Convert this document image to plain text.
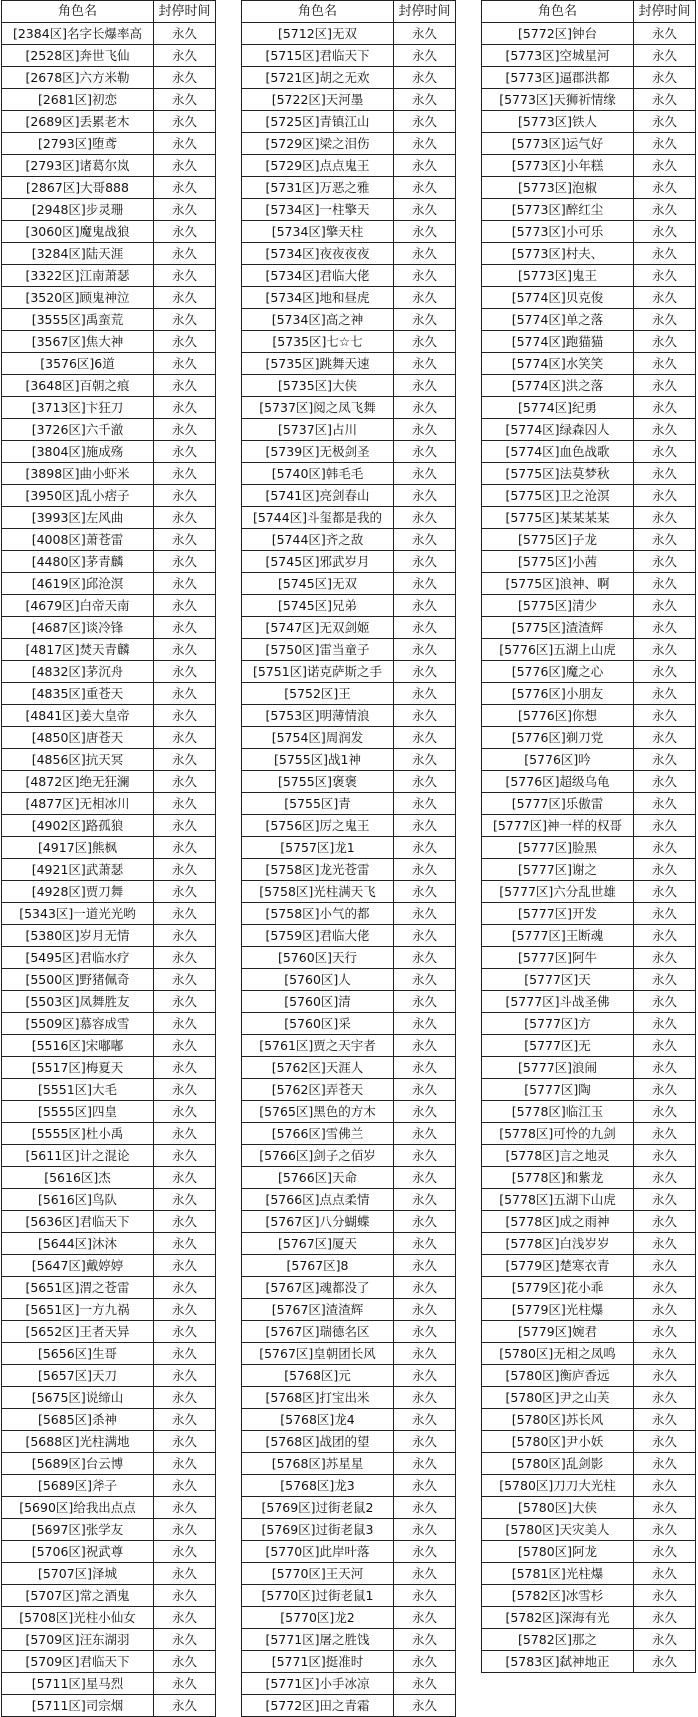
角色名	封停时间
[2384区]名字长爆率高	永久
[2528区]奔世飞仙	永久
[2678区]六方米勒	永久
[2681区]初恋	永久
[2689区]丢累老木	永久
[2793区]堕鸢	永久
[2793区]诸葛尔岚	永久
[2867区]大哥888	永久
[2948区]步灵珊	永久
[3060区]魔鬼战狼	永久
[3284区]陆天涯	永久
[3322区]江南萧瑟	永久
[3520区]顾鬼神泣	永久
[3555区]禹蛮荒	永久
[3567区]焦大神	永久
[3576区]6道	永久
[3648区]百朝之痕	永久
[3713区]卞狂刀	永久
[3726区]六千澈	永久
[3804区]施成殇	永久
[3898区]曲小虾米	永久
[3950区]乱小痞子	永久
[3993区]左风曲	永久
[4008区]萧苍雷	永久
[4480区]茅青麟	永久
[4619区]邱沧溟	永久
[4679区]白帝天南	永久
[4687区]谈冷锋	永久
[4817区]焚天青麟	永久
[4832区]茅沉舟	永久
[4835区]重苍天	永久
[4841区]姜大皇帝	永久
[4850区]唐苍天	永久
[4856区]抗天冥	永久
[4872区]绝无狂澜	永久
[4877区]无相冰川	永久
[4902区]路孤狼	永久
[4917区]熊枫	永久
[4921区]武萧瑟	永久
[4928区]贾刀舞	永久
[5343区]一道光光哟	永久
[5380区]岁月无情	永久
[5495区]君临水疗	永久
[5500区]野猪佩奇	永久
[5503区]凤舞胜友	永久
[5509区]慕容成雪	永久
[5516区]宋嘟嘟	永久
[5517区]梅夏天	永久
[5551区]大毛	永久
[5555区]四皇	永久
[5555区]杜小禹	永久
[5611区]计之混论	永久
[5616区]杰	永久
[5616区]鸟队	永久
[5636区]君临天下	永久
[5644区]沐沐	永久
[5647区]戴婷婷	永久
[5651区]渭之苍雷	永久
[5651区]一方九祸	永久
[5652区]王者天异	永久
[5656区]生哥	永久
[5657区]天刀	永久
[5675区]说缔山	永久
[5685区]杀神	永久
[5688区]光柱满地	永久
[5689区]台云博	永久
[5689区]斧子	永久
[5690区]给我出点点	永久
[5697区]张学友	永久
[5706区]祝武尊	永久
[5707区]泽城	永久
[5707区]常之酒鬼	永久
[5708区]光柱小仙女	永久
[5709区]汪东湖羽	永久
[5709区]君临天下	永久
[5711区]星马烈	永久
[5711区]司宗烟	永久
角色名	封停时间
[5712区]无双	永久
[5715区]君临天下	永久
[5721区]胡之无欢	永久
[5722区]天河墨	永久
[5725区]青镇江山	永久
[5729区]梁之泪伤	永久
[5729区]点点鬼王	永久
[5731区]万恶之雅	永久
[5734区]一柱擎天	永久
[5734区]擎天柱	永久
[5734区]夜夜夜夜	永久
[5734区]君临大佬	永久
[5734区]地和昼虎	永久
[5734区]高之神	永久
[5735区]七☆七	永久
[5735区]跳舞天速	永久
[5735区]大侠	永久
[5737区]阅之凤飞舞	永久
[5737区]占川	永久
[5739区]无极剑圣	永久
[5740区]韩毛毛	永久
[5741区]亮剑春山	永久
[5744区]斗玺都是我的	永久
[5744区]齐之敌	永久
[5745区]邪武岁月	永久
[5745区]无双	永久
[5745区]兄弟	永久
[5747区]无双剑姬	永久
[5750区]雷当童子	永久
[5751区]诺克萨斯之手	永久
[5752区]王	永久
[5753区]明薄情浪	永久
[5754区]周润发	永久
[5755区]战1神	永久
[5755区]褒褒	永久
[5755区]青	永久
[5756区]厉之鬼王	永久
[5757区]龙1	永久
[5758区]龙光苍雷	永久
[5758区]光柱满天飞	永久
[5758区]小气的都	永久
[5759区]君临大佬	永久
[5760区]天行	永久
[5760区]人	永久
[5760区]清	永久
[5760区]采	永久
[5761区]贾之天宇者	永久
[5762区]天涯人	永久
[5762区]弄苍天	永久
[5765区]黑色的方木	永久
[5766区]雪佛兰	永久
[5766区]剑子之佰岁	永久
[5766区]天命	永久
[5766区]点点柔情	永久
[5767区]八分蝴蝶	永久
[5767区]厦天	永久
[5767区]8	永久
[5767区]魂都没了	永久
[5767区]渣渣辉	永久
[5767区]瑞德名区	永久
[5767区]皇朝团长风	永久
[5768区]元	永久
[5768区]打宝出米	永久
[5768区]龙4	永久
[5768区]战团的望	永久
[5768区]苏星星	永久
[5768区]龙3	永久
[5769区]过街老鼠2	永久
[5769区]过街老鼠3	永久
[5770区]此岸叶落	永久
[5770区]王天河	永久
[5770区]过街老鼠1	永久
[5770区]龙2	永久
[5771区]屠之胜饯	永久
[5771区]挺准时	永久
[5771区]小手冰凉	永久
[5772区]田之青霜	永久
角色名	封停时间
[5772区]钟台	永久
[5773区]空城星河	永久
[5773区]逼郡洪都	永久
[5773区]天狮祈情缘	永久
[5773区]铁人	永久
[5773区]运气好	永久
[5773区]小年糕	永久
[5773区]泡椒	永久
[5773区]醉红尘	永久
[5773区]小可乐	永久
[5773区]村夫、	永久
[5773区]鬼王	永久
[5774区]贝克俊	永久
[5774区]单之落	永久
[5774区]跑猫猫	永久
[5774区]水笑笑	永久
[5774区]洪之落	永久
[5774区]纪勇	永久
[5774区]绿森囚人	永久
[5774区]血色战歌	永久
[5775区]法莫梦秋	永久
[5775区]卫之沧溟	永久
[5775区]某某某某	永久
[5775区]子龙	永久
[5775区]小茜	永久
[5775区]浪神、啊	永久
[5775区]清少	永久
[5775区]渣渣辉	永久
[5776区]五湖上山虎	永久
[5776区]魔之心	永久
[5776区]小朋友	永久
[5776区]你想	永久
[5776区]剃刀党	永久
[5776区]吟	永久
[5776区]超级乌龟	永久
[5777区]乐傲雷	永久
[5777区]神一样的权哥	永久
[5777区]脸黑	永久
[5777区]谢之	永久
[5777区]六分乱世雄	永久
[5777区]开发	永久
[5777区]王断魂	永久
[5777区]阿牛	永久
[5777区]天	永久
[5777区]斗战圣佛	永久
[5777区]方	永久
[5777区]无	永久
[5777区]浪闹	永久
[5777区]陶	永久
[5778区]临江玉	永久
[5778区]可怜的九剑	永久
[5778区]言之地灵	永久
[5778区]和紫龙	永久
[5778区]五湖下山虎	永久
[5778区]成之雨神	永久
[5778区]白浅岁岁	永久
[5779区]楚寒衣青	永久
[5779区]花小乖	永久
[5779区]光柱爆	永久
[5779区]婉君	永久
[5780区]无相之凤鸣	永久
[5780区]衡庐香远	永久
[5780区]尹之山芙	永久
[5780区]苏长风	永久
[5780区]尹小妖	永久
[5780区]乱剑影	永久
[5780区]刀刀大光柱	永久
[5780区]大侠	永久
[5780区]天灾美人	永久
[5780区]阿龙	永久
[5781区]光柱爆	永久
[5782区]冰雪杉	永久
[5782区]深海有光	永久
[5782区]那之	永久
[5783区]弑神地正	永久
